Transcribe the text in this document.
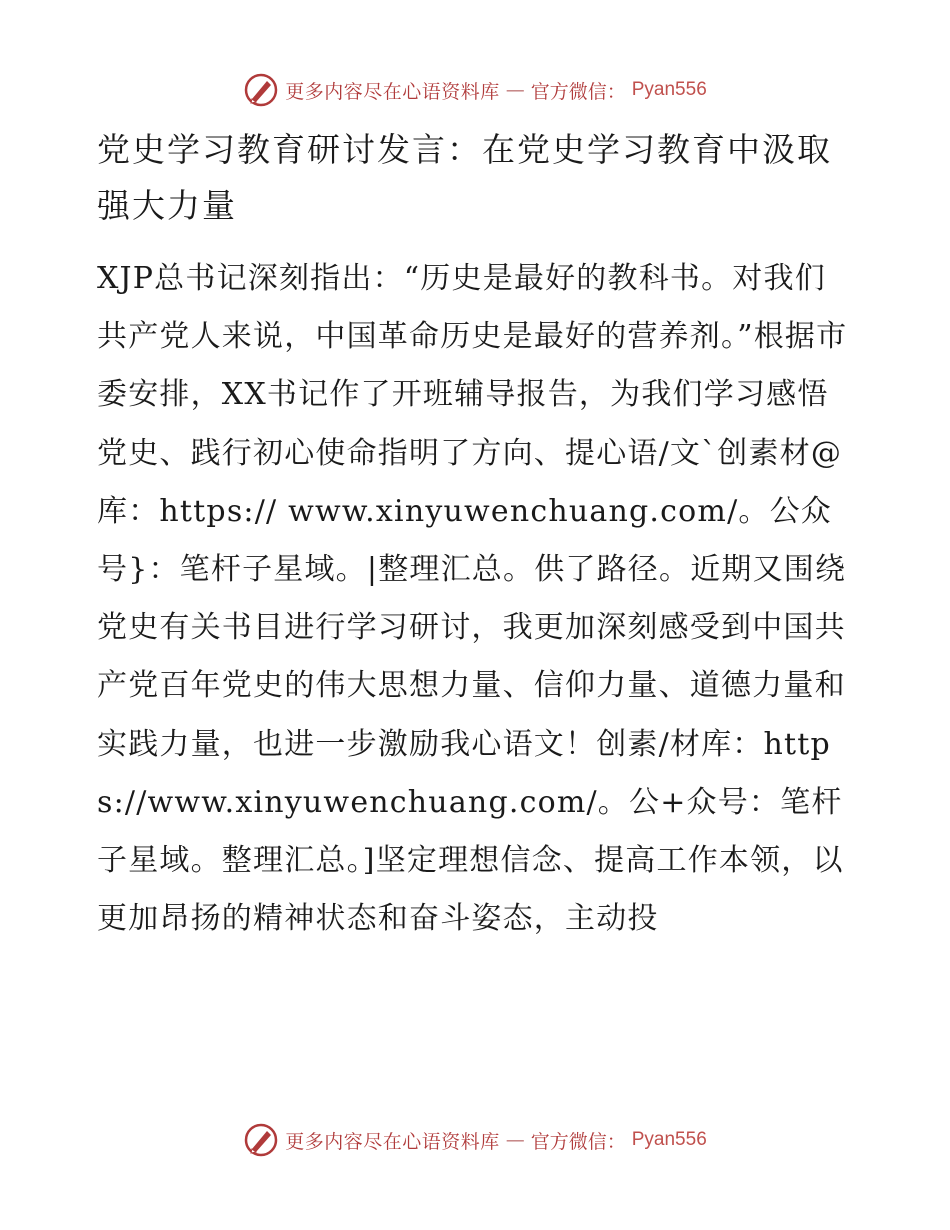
更多内容尽在心语资料库 — 官方微信： Pyan556
党史学习教育研讨发言：在党史学习教育中汲取强大力量

XJP总书记深刻指出：“历史是最好的教科书。对我们共产党人来说，中国革命历史是最好的营养剂。”根据市委安排，XX书记作了开班辅导报告，为我们学习感悟党史、践行初心使命指明了方向、提心语/文`创素材@库：https:// www.xinyuwenchuang.com/。公众号}：笔杆子星域。|整理汇总。供了路径。近期又围绕党史有关书目进行学习研讨，我更加深刻感受到中国共产党百年党史的伟大思想力量、信仰力量、道德力量和实践力量，也进一步激励我心语文！创素/材库：https://www.xinyuwenchuang.com/。公+众号：笔杆子星域。整理汇总。]坚定理想信念、提高工作本领，以更加昂扬的精神状态和奋斗姿态，主动投

更多内容尽在心语资料库 — 官方微信： Pyan556
